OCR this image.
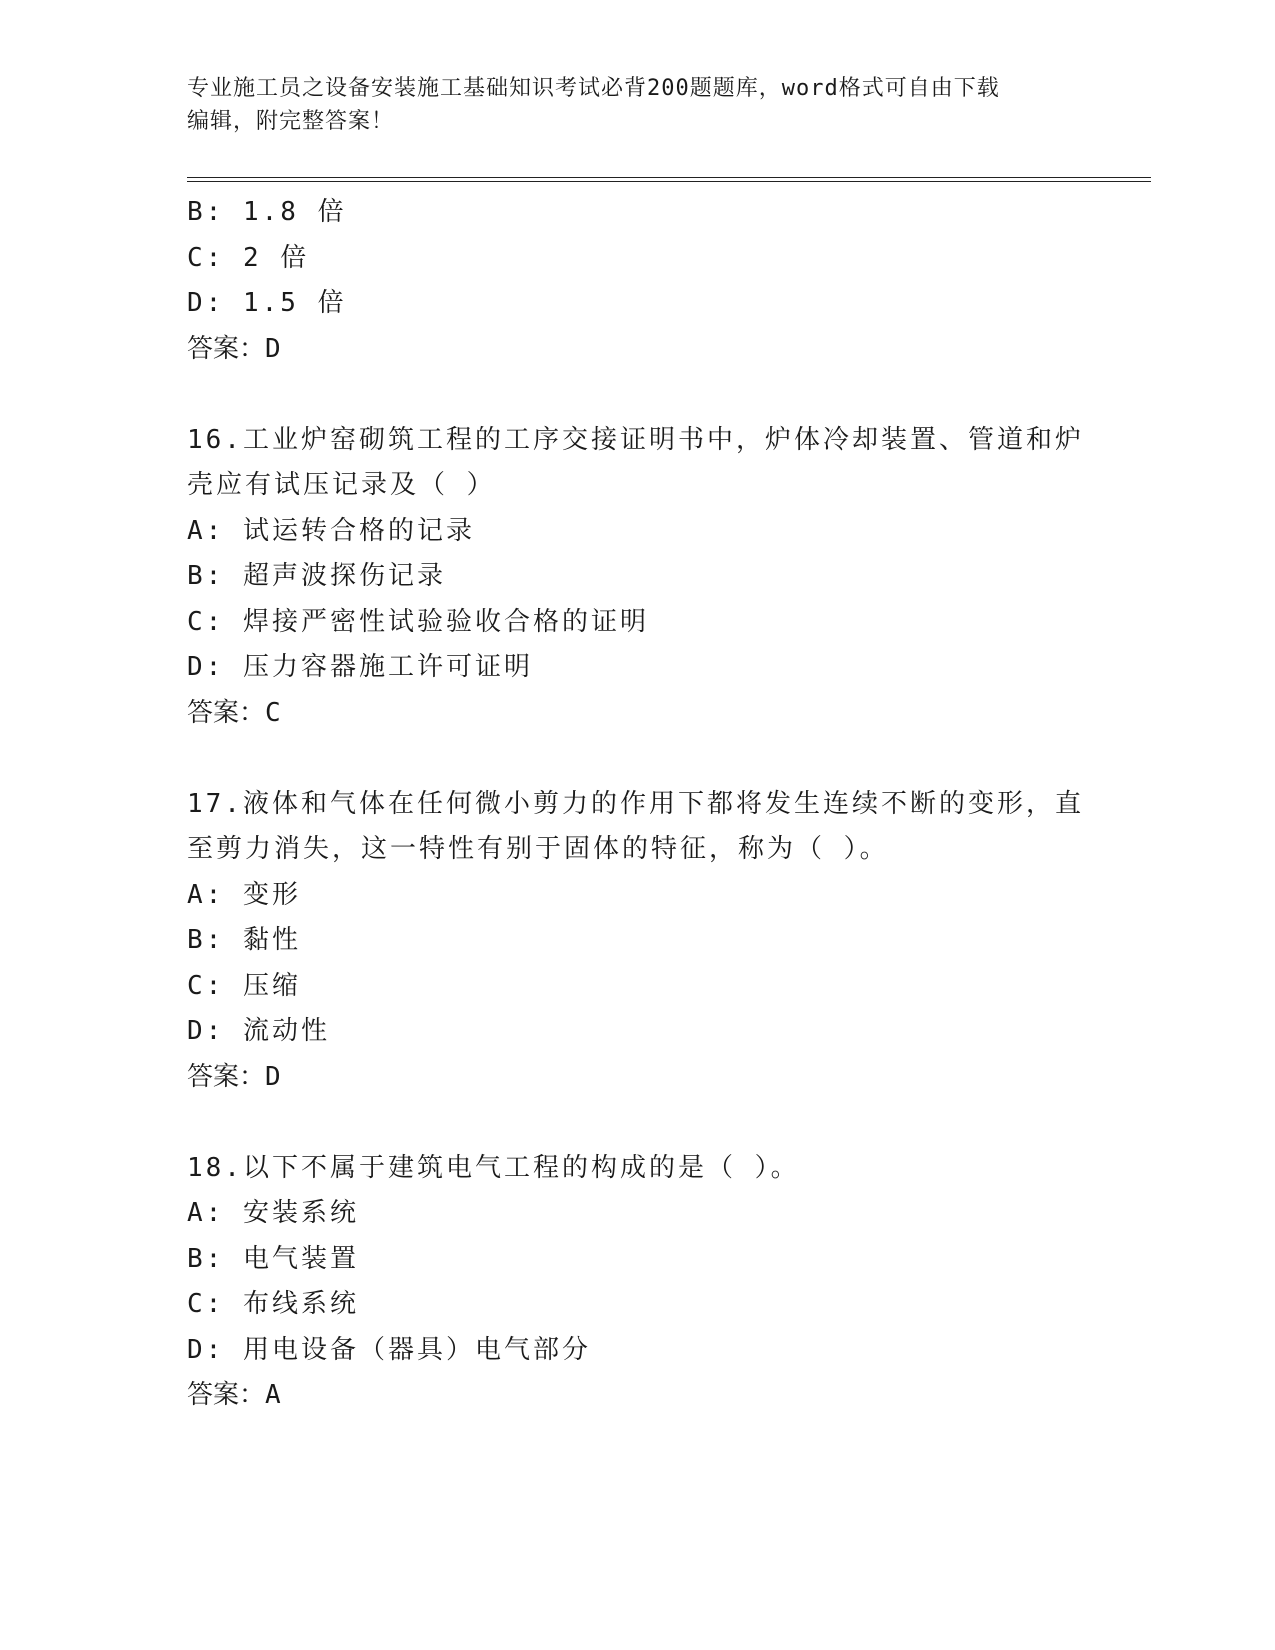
专业施工员之设备安装施工基础知识考试必背200题题库，word格式可自由下载
编辑，附完整答案！
B: 1.8 倍
C: 2 倍
D: 1.5 倍
答案：D
16.工业炉窑砌筑工程的工序交接证明书中，炉体冷却装置、管道和炉
壳应有试压记录及（ ）
A: 试运转合格的记录
B: 超声波探伤记录
C: 焊接严密性试验验收合格的证明
D: 压力容器施工许可证明
答案：C
17.液体和气体在任何微小剪力的作用下都将发生连续不断的变形，直
至剪力消失，这一特性有别于固体的特征，称为（ ）。
A: 变形
B: 黏性
C: 压缩
D: 流动性
答案：D
18.以下不属于建筑电气工程的构成的是（ ）。
A: 安装系统
B: 电气装置
C: 布线系统
D: 用电设备（器具）电气部分
答案：A
